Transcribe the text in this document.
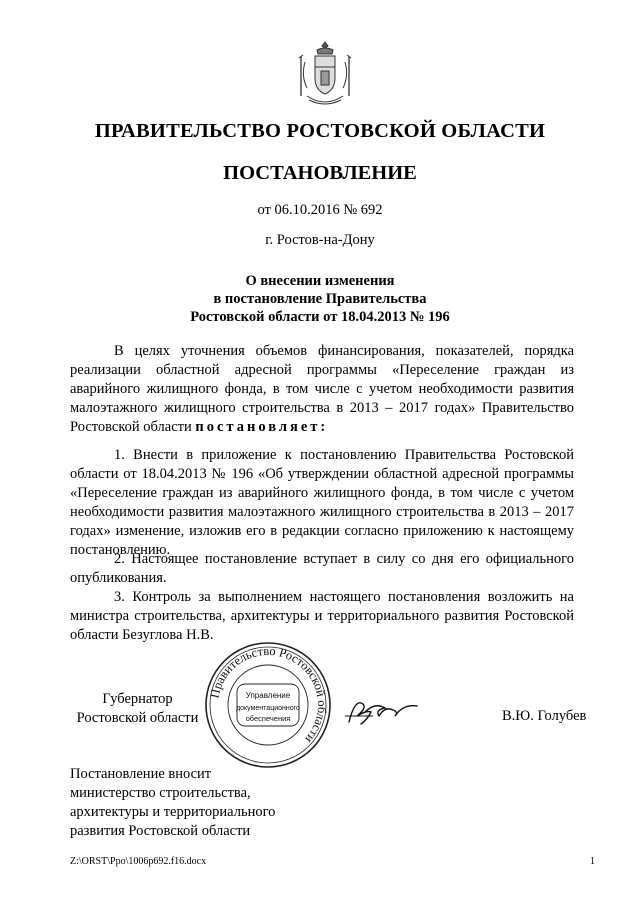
ПРАВИТЕЛЬСТВО РОСТОВСКОЙ ОБЛАСТИ
ПОСТАНОВЛЕНИЕ
от 06.10.2016 № 692
г. Ростов-на-Дону
О внесении изменения
в постановление Правительства
Ростовской области от 18.04.2013 № 196
В целях уточнения объемов финансирования, показателей, порядка реализации областной адресной программы «Переселение граждан из аварийного жилищного фонда, в том числе с учетом необходимости развития малоэтажного жилищного строительства в 2013 – 2017 годах» Правительство Ростовской области постановляет:
1. Внести в приложение к постановлению Правительства Ростовской области от 18.04.2013 № 196 «Об утверждении областной адресной программы «Переселение граждан из аварийного жилищного фонда, в том числе с учетом необходимости развития малоэтажного жилищного строительства в 2013 – 2017 годах» изменение, изложив его в редакции согласно приложению к настоящему постановлению.
2. Настоящее постановление вступает в силу со дня его официального опубликования.
3. Контроль за выполнением настоящего постановления возложить на министра строительства, архитектуры и территориального развития Ростовской области Безуглова Н.В.
Губернатор
Ростовской области
Правительство Ростовской области
Управление
документационного
обеспечения	В.Ю. Голубев
Постановление вносит
министерство строительства,
архитектуры и территориального
развития Ростовской области
Z:\ORST\Ppo\1006p692.f16.docx	1
